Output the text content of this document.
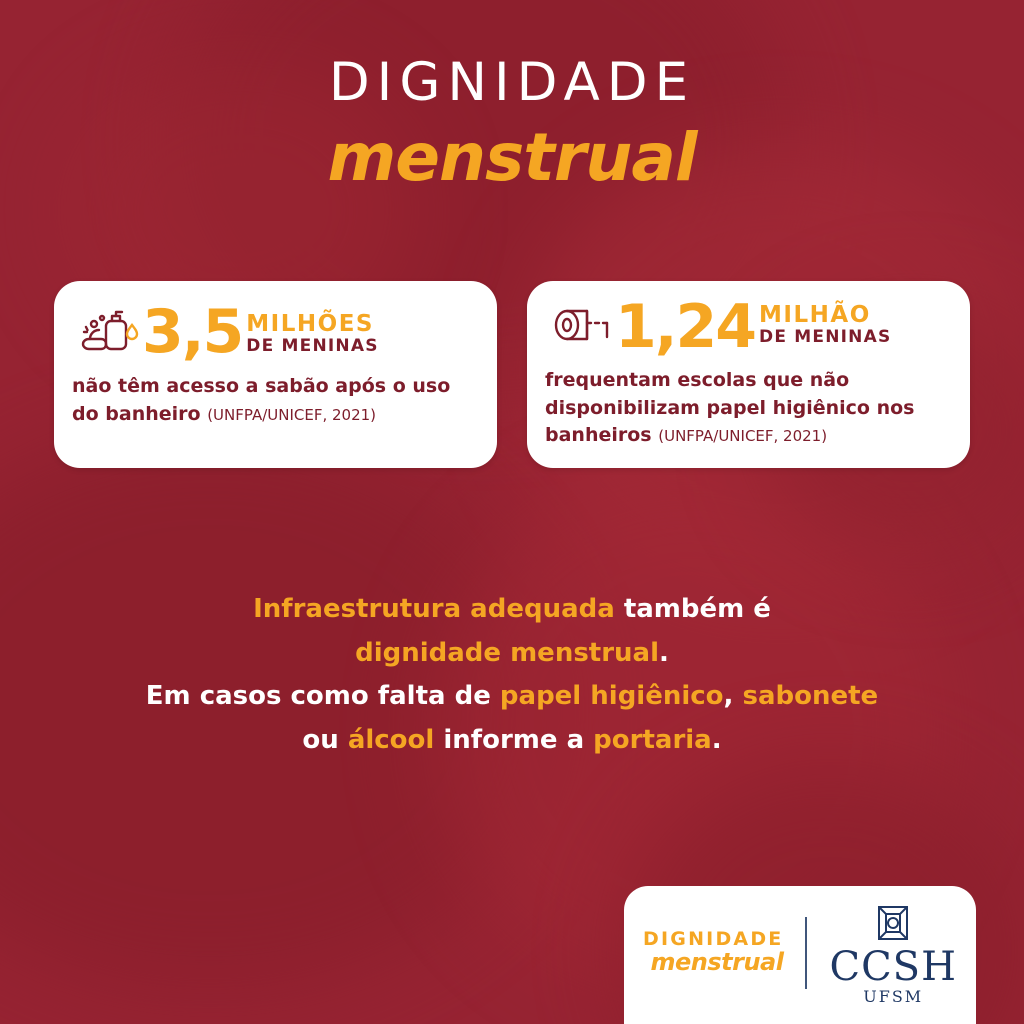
DIGNIDADE
menstrual
3,5 MILHÕES
DE MENINAS
não têm acesso a sabão após o uso do banheiro (UNFPA/UNICEF, 2021)
1,24 MILHÃO
DE MENINAS
frequentam escolas que não disponibilizam papel higiênico nos banheiros (UNFPA/UNICEF, 2021)
Infraestrutura adequada também é
dignidade menstrual.
Em casos como falta de papel higiênico, sabonete
ou álcool informe a portaria.
DIGNIDADE
menstrual CCSH
UFSM
